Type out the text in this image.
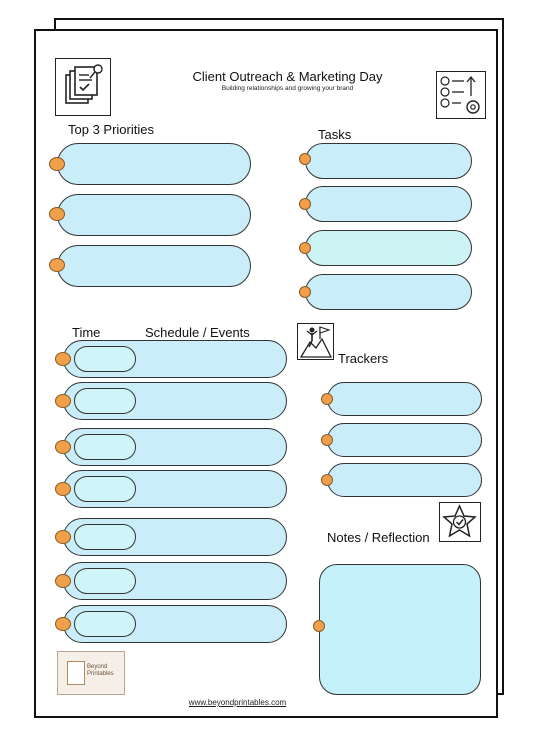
Client Outreach & Marketing Day
Building relationships and growing your brand
Top 3 Priorities	Tasks
Time	Schedule / Events
Trackers
Notes / Reflection
Beyond
Printables
www.beyondprintables.com
